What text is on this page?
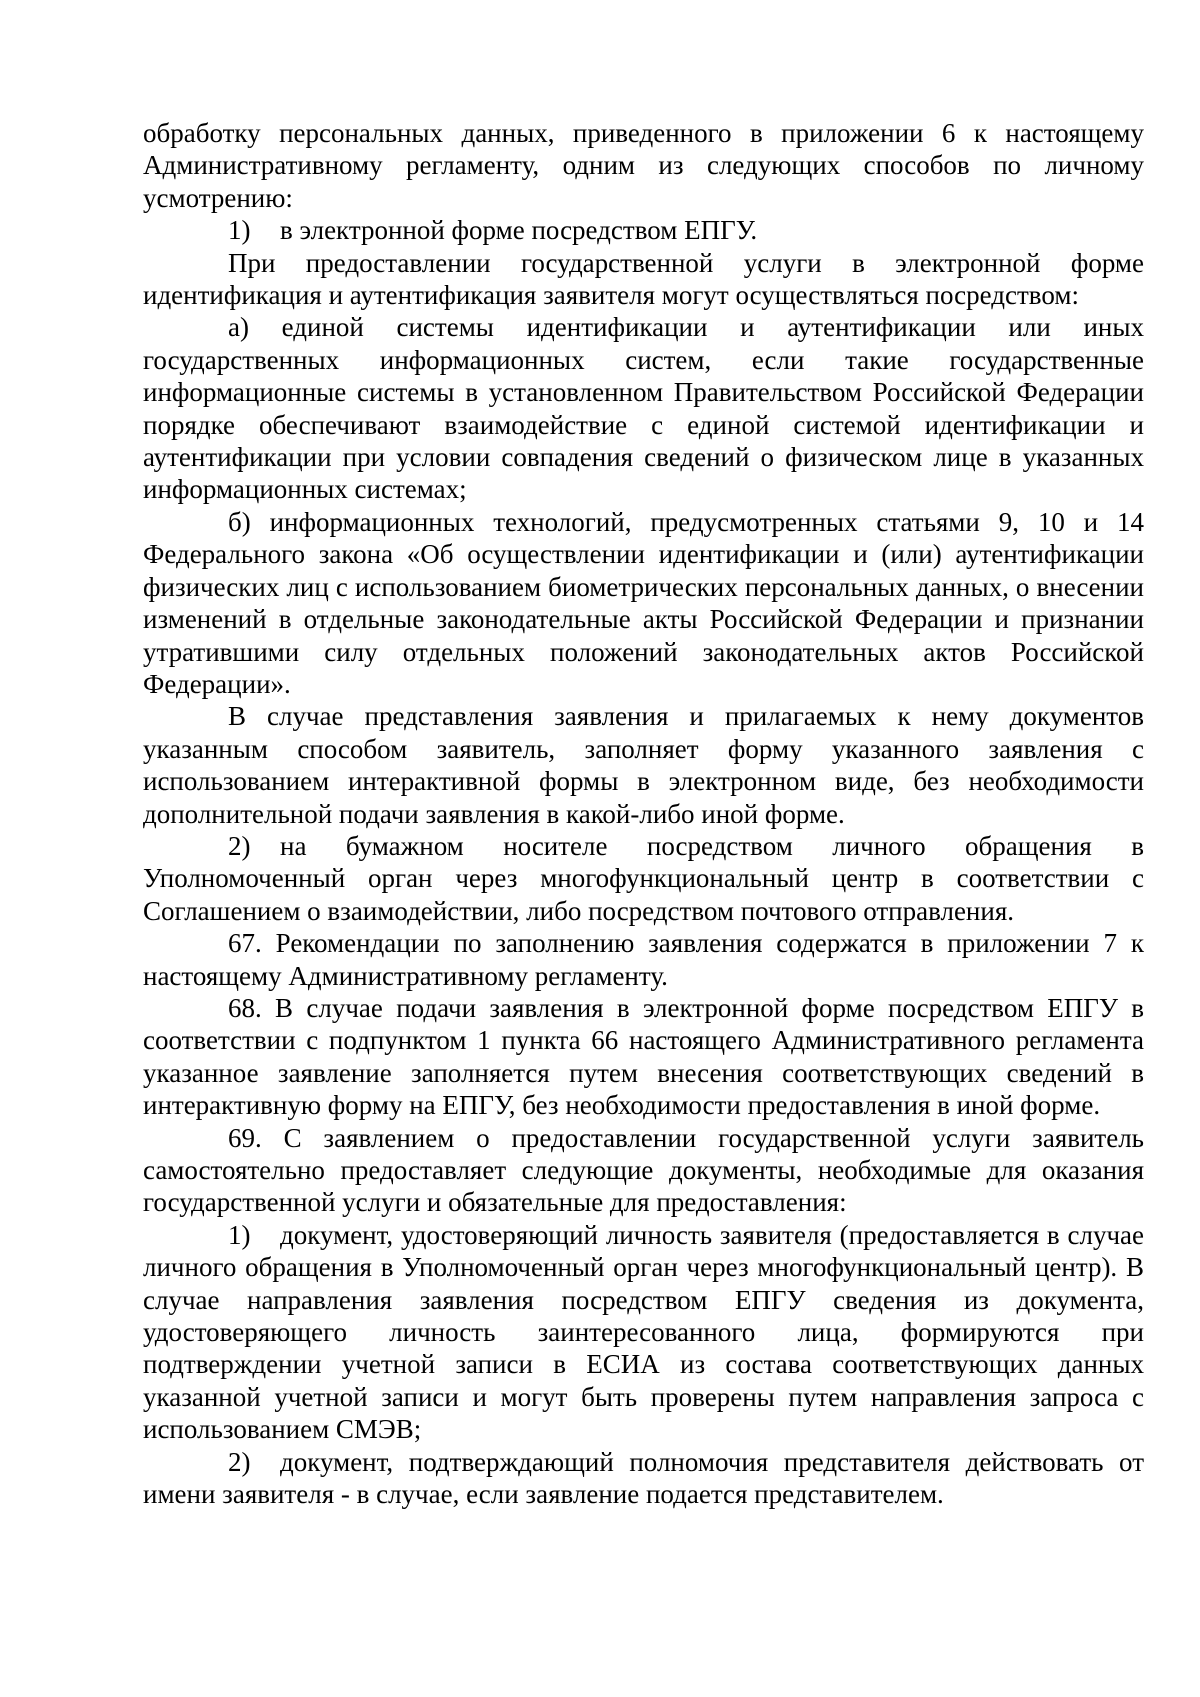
обработку персональных данных, приведенного в приложении 6 к настоящему Административному регламенту, одним из следующих способов по личному усмотрению:

1) в электронной форме посредством ЕПГУ.

При предоставлении государственной услуги в электронной форме идентификация и аутентификация заявителя могут осуществляться посредством:

а) единой системы идентификации и аутентификации или иных государственных информационных систем, если такие государственные информационные системы в установленном Правительством Российской Федерации порядке обеспечивают взаимодействие с единой системой идентификации и аутентификации при условии совпадения сведений о физическом лице в указанных информационных системах;

б) информационных технологий, предусмотренных статьями 9, 10 и 14 Федерального закона «Об осуществлении идентификации и (или) аутентификации физических лиц с использованием биометрических персональных данных, о внесении изменений в отдельные законодательные акты Российской Федерации и признании утратившими силу отдельных положений законодательных актов Российской Федерации».

В случае представления заявления и прилагаемых к нему документов указанным способом заявитель, заполняет форму указанного заявления с использованием интерактивной формы в электронном виде, без необходимости дополнительной подачи заявления в какой-либо иной форме.

2) на бумажном носителе посредством личного обращения в Уполномоченный орган через многофункциональный центр в соответствии с Соглашением о взаимодействии, либо посредством почтового отправления.

67. Рекомендации по заполнению заявления содержатся в приложении 7 к настоящему Административному регламенту.

68. В случае подачи заявления в электронной форме посредством ЕПГУ в соответствии с подпунктом 1 пункта 66 настоящего Административного регламента указанное заявление заполняется путем внесения соответствующих сведений в интерактивную форму на ЕПГУ, без необходимости предоставления в иной форме.

69. С заявлением о предоставлении государственной услуги заявитель самостоятельно предоставляет следующие документы, необходимые для оказания государственной услуги и обязательные для предоставления:

1) документ, удостоверяющий личность заявителя (предоставляется в случае личного обращения в Уполномоченный орган через многофункциональный центр). В случае направления заявления посредством ЕПГУ сведения из документа, удостоверяющего личность заинтересованного лица, формируются при подтверждении учетной записи в ЕСИА из состава соответствующих данных указанной учетной записи и могут быть проверены путем направления запроса с использованием СМЭВ;

2) документ, подтверждающий полномочия представителя действовать от имени заявителя - в случае, если заявление подается представителем.
